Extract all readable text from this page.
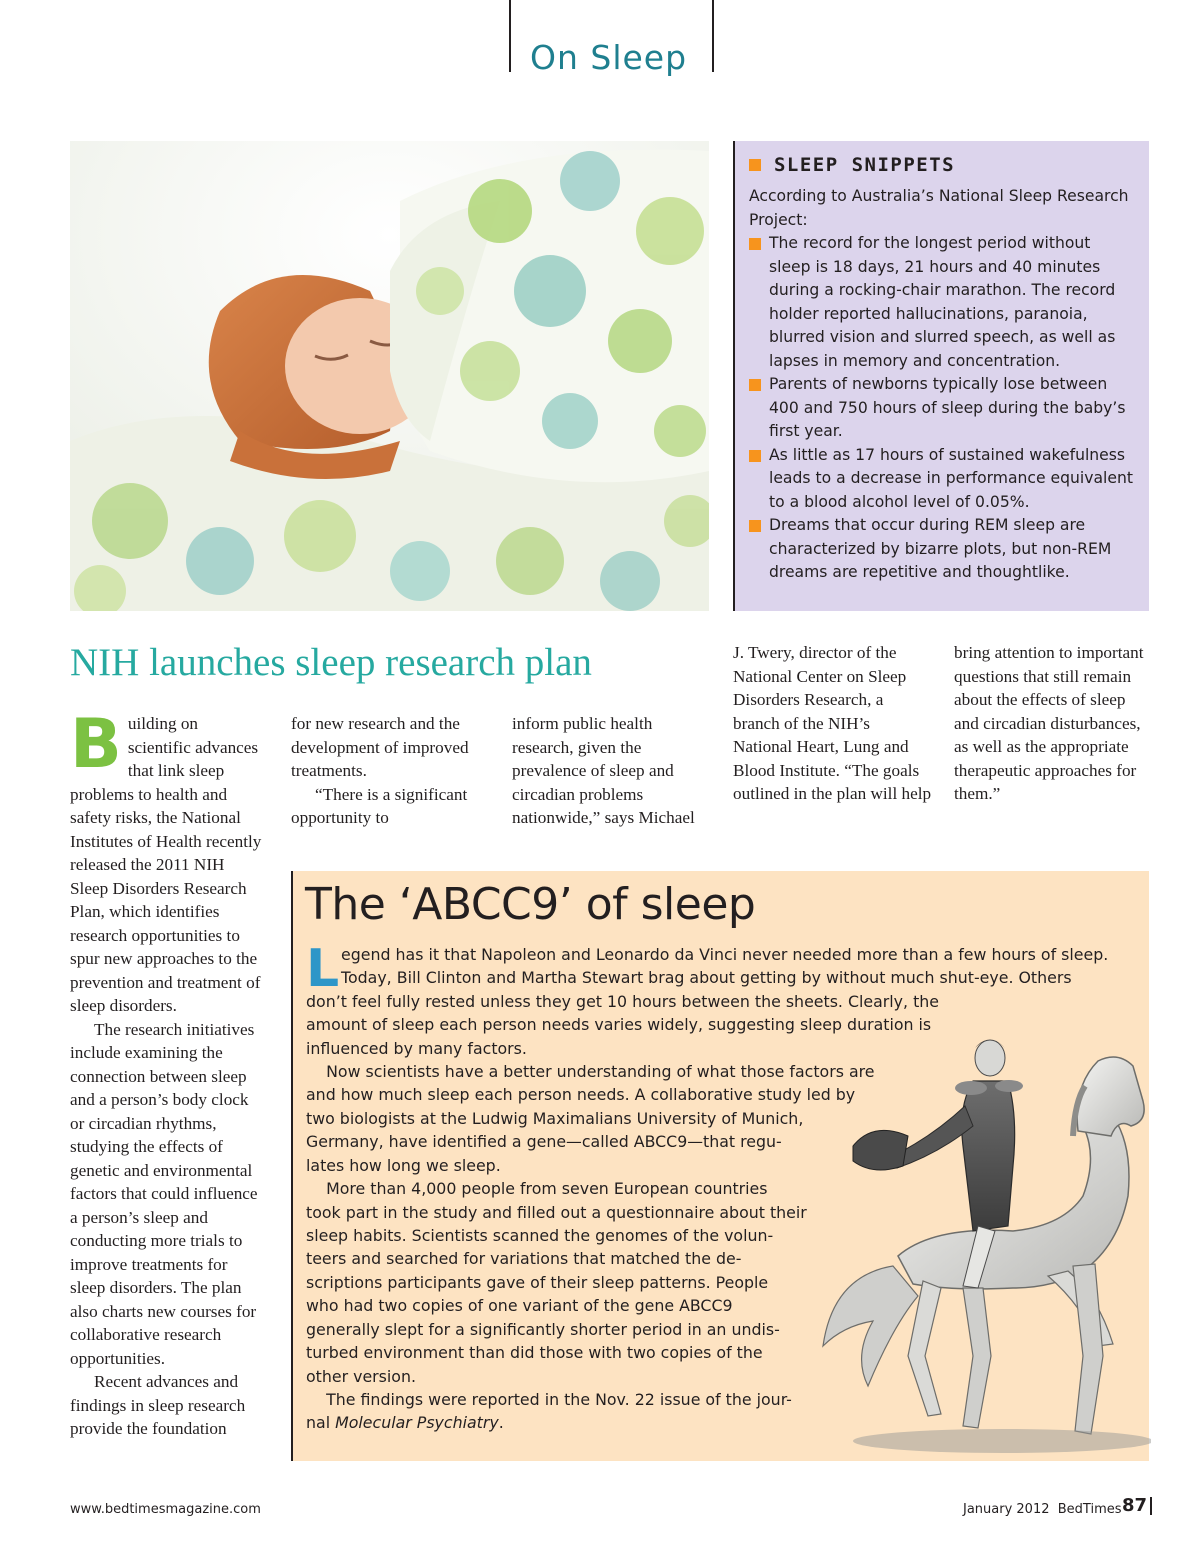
On Sleep
SLEEP SNIPPETS
According to Australia’s National Sleep Research Project:
The record for the longest period without sleep is 18 days, 21 hours and 40 minutes during a rocking-chair marathon. The record holder reported hallucinations, paranoia, blurred vision and slurred speech, as well as lapses in memory and concentration.
Parents of newborns typically lose between 400 and 750 hours of sleep during the baby’s first year.
As little as 17 hours of sustained wakefulness leads to a decrease in performance equivalent to a blood alcohol level of 0.05%.
Dreams that occur during REM sleep are characterized by bizarre plots, but non-REM dreams are repetitive and thoughtlike.
NIH launches sleep research plan

Building on scientific advances that link sleep problems to health and safety risks, the National Institutes of Health recently released the 2011 NIH Sleep Disorders Research Plan, which identifies research opportunities to spur new approaches to the prevention and treatment of sleep disorders.

The research initiatives include examining the connection between sleep and a person’s body clock or circadian rhythms, studying the effects of genetic and environmental factors that could influence a person’s sleep and conducting more trials to improve treatments for sleep disorders. The plan also charts new courses for collaborative research opportunities.

Recent advances and findings in sleep research provide the foundation

for new research and the development of improved treatments.

“There is a significant opportunity to

inform public health research, given the prevalence of sleep and circadian problems nationwide,” says Michael
J. Twery, director of the National Center on Sleep Disorders Research, a branch of the NIH’s National Heart, Lung and Blood Institute. “The goals outlined in the plan will help
bring attention to important questions that still remain about the effects of sleep and circadian disturbances, as well as the appropriate therapeutic approaches for them.”
The ‘ABCC9’ of sleep
L egend has it that Napoleon and Leonardo da Vinci never needed more than a few hours of sleep.
Today, Bill Clinton and Martha Stewart brag about getting by without much shut-eye. Others
don’t feel fully rested unless they get 10 hours between the sheets. Clearly, the
amount of sleep each person needs varies widely, suggesting sleep duration is
influenced by many factors.
Now scientists have a better understanding of what those factors are
and how much sleep each person needs. A collaborative study led by
two biologists at the Ludwig Maximalians University of Munich,
Germany, have identified a gene—called ABCC9—that regu-
lates how long we sleep.
More than 4,000 people from seven European countries
took part in the study and filled out a questionnaire about their
sleep habits. Scientists scanned the genomes of the volun-
teers and searched for variations that matched the de-
scriptions participants gave of their sleep patterns. People
who had two copies of one variant of the gene ABCC9
generally slept for a significantly shorter period in an undis-
turbed environment than did those with two copies of the
other version.
The findings were reported in the Nov. 22 issue of the jour-
nal Molecular Psychiatry.
www.bedtimesmagazine.com	January 2012  BedTimes 87
